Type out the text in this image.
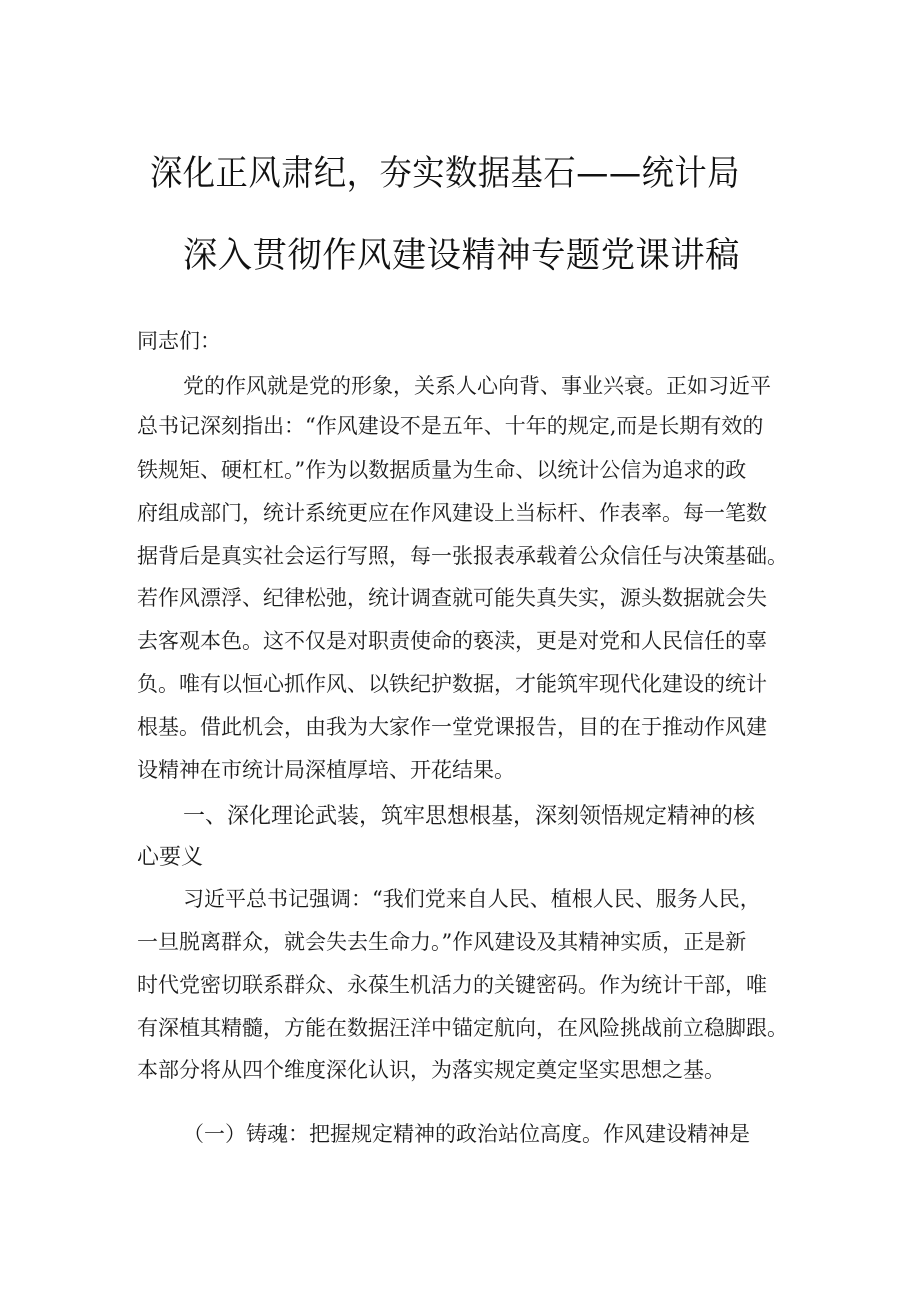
深化正风肃纪，夯实数据基石——统计局
深入贯彻作风建设精神专题党课讲稿
同志们：
党的作风就是党的形象，关系人心向背、事业兴衰。正如习近平
总书记深刻指出：“作风建设不是五年、十年的规定,而是长期有效的
铁规矩、硬杠杠。”作为以数据质量为生命、以统计公信为追求的政
府组成部门，统计系统更应在作风建设上当标杆、作表率。每一笔数
据背后是真实社会运行写照，每一张报表承载着公众信任与决策基础。
若作风漂浮、纪律松弛，统计调查就可能失真失实，源头数据就会失
去客观本色。这不仅是对职责使命的亵渎，更是对党和人民信任的辜
负。唯有以恒心抓作风、以铁纪护数据，才能筑牢现代化建设的统计
根基。借此机会，由我为大家作一堂党课报告，目的在于推动作风建
设精神在市统计局深植厚培、开花结果。
一、深化理论武装，筑牢思想根基，深刻领悟规定精神的核
心要义
习近平总书记强调：“我们党来自人民、植根人民、服务人民，
一旦脱离群众，就会失去生命力。”作风建设及其精神实质，正是新
时代党密切联系群众、永葆生机活力的关键密码。作为统计干部，唯
有深植其精髓，方能在数据汪洋中锚定航向，在风险挑战前立稳脚跟。
本部分将从四个维度深化认识，为落实规定奠定坚实思想之基。
（一）铸魂：把握规定精神的政治站位高度。作风建设精神是
